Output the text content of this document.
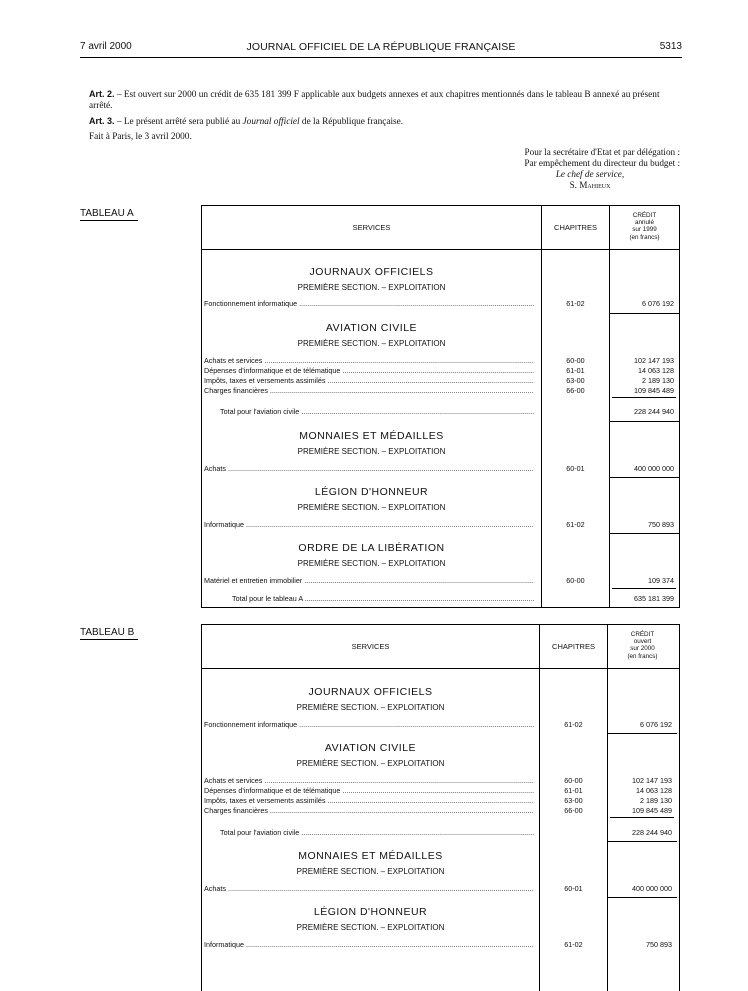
7 avril 2000	JOURNAL OFFICIEL DE LA RÉPUBLIQUE FRANÇAISE	5313
Art. 2. – Est ouvert sur 2000 un crédit de 635 181 399 F applicable aux budgets annexes et aux chapitres mentionnés dans le tableau B annexé au présent arrêté.
Art. 3. – Le présent arrêté sera publié au Journal officiel de la République française.
Fait à Paris, le 3 avril 2000.
Pour la secrétaire d'Etat et par délégation :
Par empêchement du directeur du budget :
Le chef de service,
S. Mahieux
TABLEAU A
SERVICES	CHAPITRES
CRÉDIT
annulé
sur 1999
(en francs)
JOURNAUX OFFICIELS
PREMIÈRE SECTION. – EXPLOITATION
Fonctionnement informatique .....	61-02	6 076 192
AVIATION CIVILE
PREMIÈRE SECTION. – EXPLOITATION
Achats et services .....	60-00	102 147 193
Dépenses d'informatique et de télématique .....	61-01	14 063 128
Impôts, taxes et versements assimilés .....	63-00	2 189 130
Charges financières .....	66-00	109 845 489
Total pour l'aviation civile .....	228 244 940
MONNAIES ET MÉDAILLES
PREMIÈRE SECTION. – EXPLOITATION
Achats .....	60-01	400 000 000
LÉGION D'HONNEUR
PREMIÈRE SECTION. – EXPLOITATION
Informatique .....	61-02	750 893
ORDRE DE LA LIBÉRATION
PREMIÈRE SECTION. – EXPLOITATION
Matériel et entretien immobilier .....	60-00	109 374
Total pour le tableau A .....	635 181 399
TABLEAU B
SERVICES	CHAPITRES
CRÉDIT
ouvert
sur 2000
(en francs)
JOURNAUX OFFICIELS
PREMIÈRE SECTION. – EXPLOITATION
Fonctionnement informatique .....	61-02	6 076 192
AVIATION CIVILE
PREMIÈRE SECTION. – EXPLOITATION
Achats et services .....	60-00	102 147 193
Dépenses d'informatique et de télématique .....	61-01	14 063 128
Impôts, taxes et versements assimilés .....	63-00	2 189 130
Charges financières .....	66-00	109 845 489
Total pour l'aviation civile .....	228 244 940
MONNAIES ET MÉDAILLES
PREMIÈRE SECTION. – EXPLOITATION
Achats .....	60-01	400 000 000
LÉGION D'HONNEUR
PREMIÈRE SECTION. – EXPLOITATION
Informatique .....	61-02	750 893
